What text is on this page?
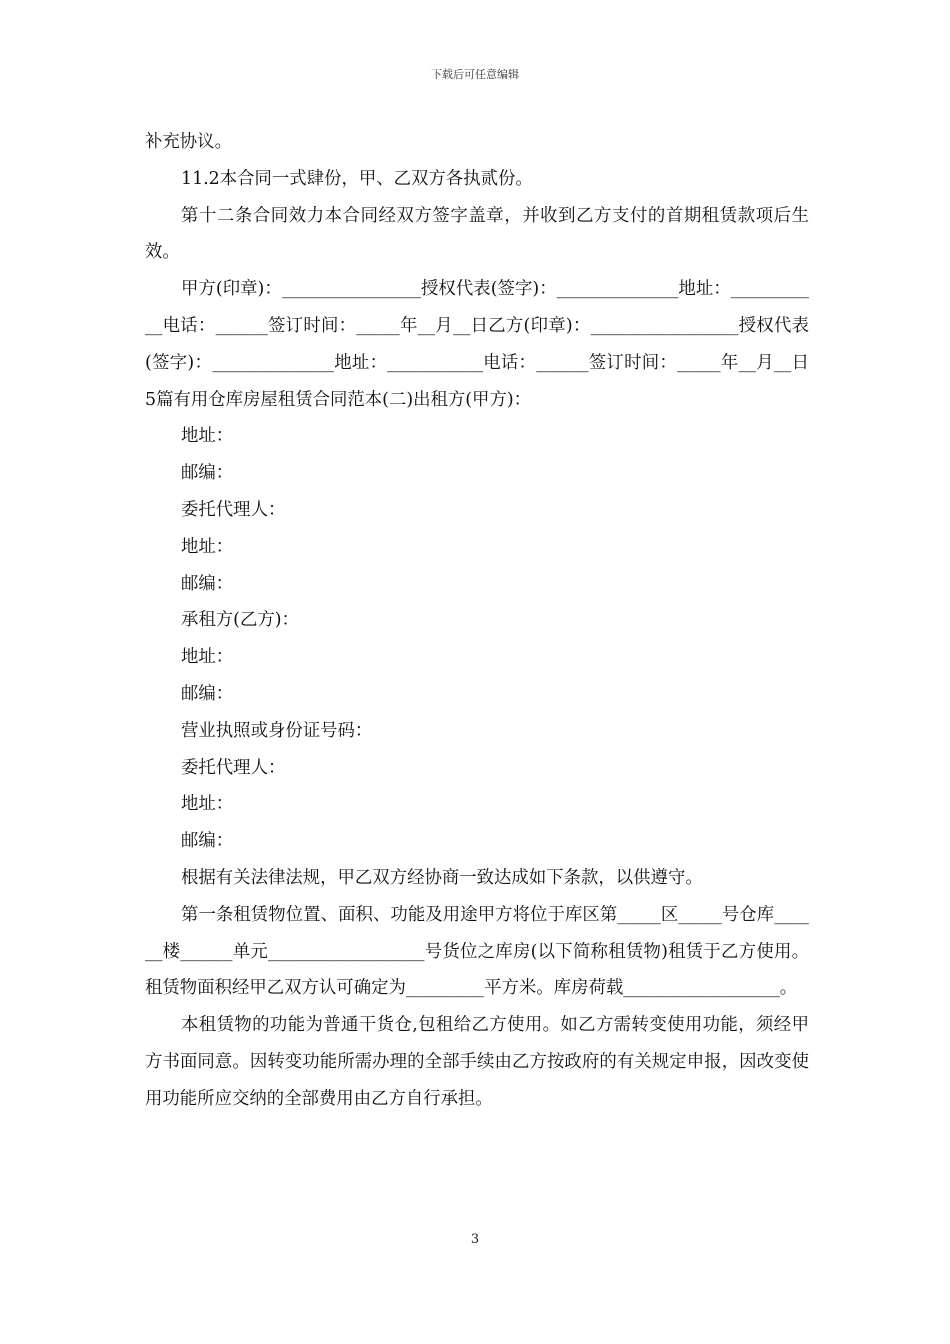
下载后可任意编辑

补充协议。

11.2本合同一式肆份，甲、乙双方各执贰份。

第十二条合同效力本合同经双方签字盖章，并收到乙方支付的首期租赁款项后生效。

甲方(印章)：________________授权代表(签字)：______________地址：___________电话：______签订时间：_____年__月__日乙方(印章)：_________________授权代表(签字)：______________地址：___________电话：______签订时间：_____年__月__日5篇有用仓库房屋租赁合同范本(二)出租方(甲方)：

地址：

邮编：

委托代理人：

地址：

邮编：

承租方(乙方)：

地址：

邮编：

营业执照或身份证号码：

委托代理人：

地址：

邮编：

根据有关法律法规，甲乙双方经协商一致达成如下条款，以供遵守。

第一条租赁物位置、面积、功能及用途甲方将位于库区第_____区_____号仓库______楼______单元__________________号货位之库房(以下简称租赁物)租赁于乙方使用。租赁物面积经甲乙双方认可确定为_________平方米。库房荷载__________________。

本租赁物的功能为普通干货仓,包租给乙方使用。如乙方需转变使用功能，须经甲方书面同意。因转变功能所需办理的全部手续由乙方按政府的有关规定申报，因改变使用功能所应交纳的全部费用由乙方自行承担。

3
